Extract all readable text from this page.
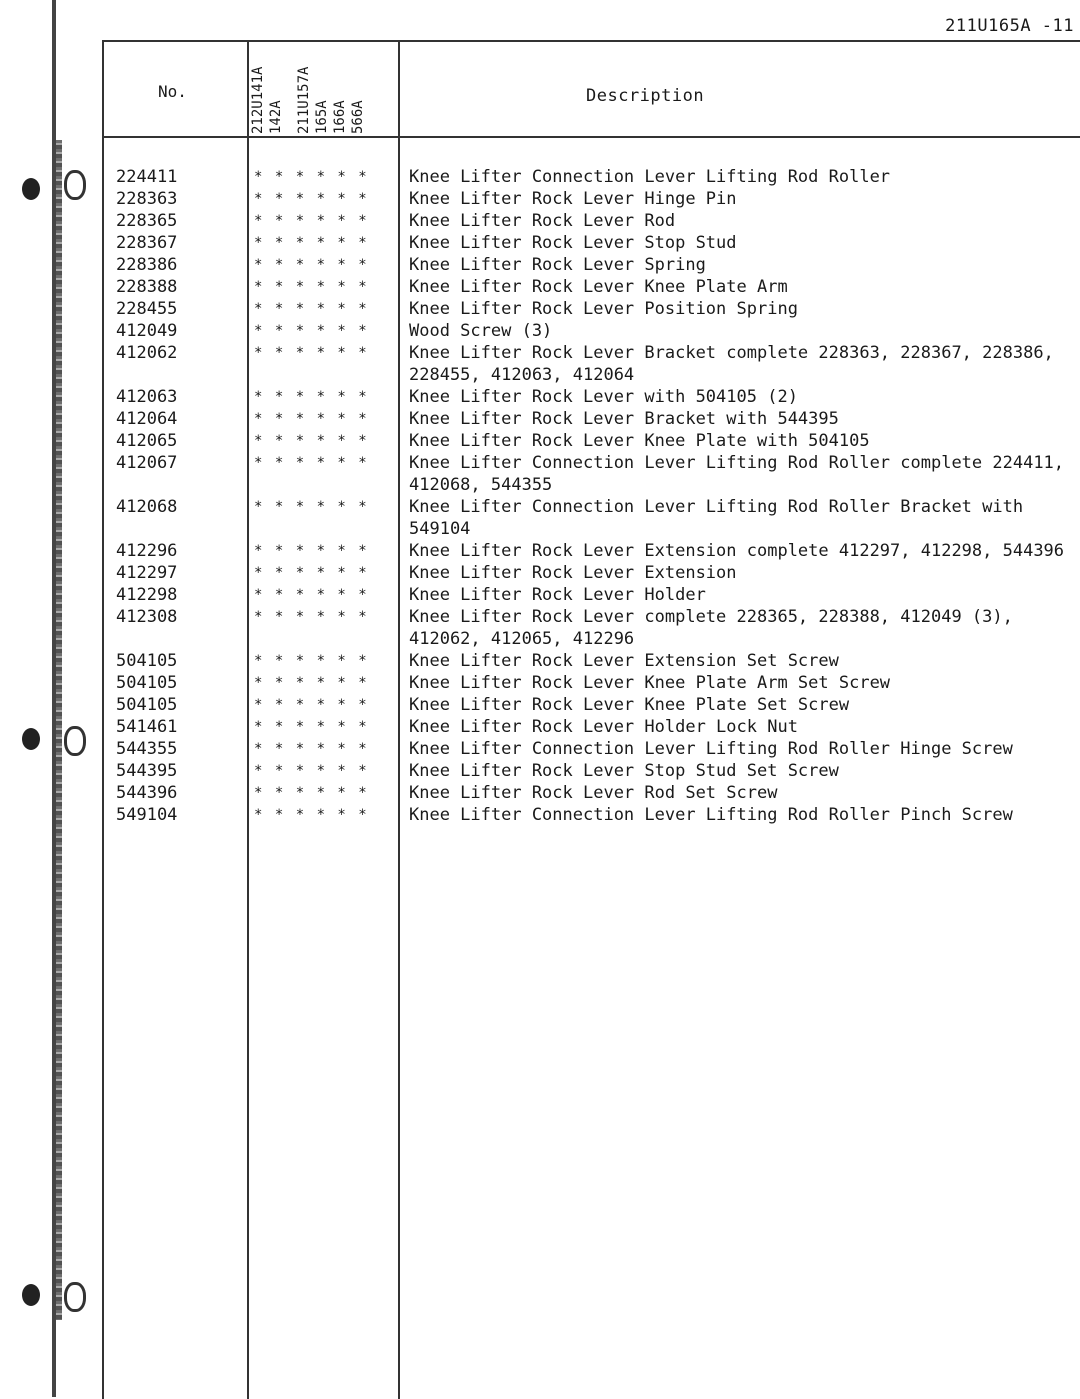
211U165A -11
No.	212U141A 142A 211U157A 165A 166A 566A
Description
224411	* * * * * * Knee Lifter Connection Lever Lifting Rod Roller
228363	* * * * * * Knee Lifter Rock Lever Hinge Pin
228365	* * * * * * Knee Lifter Rock Lever Rod
228367	* * * * * * Knee Lifter Rock Lever Stop Stud
228386	* * * * * * Knee Lifter Rock Lever Spring
228388	* * * * * * Knee Lifter Rock Lever Knee Plate Arm
228455	* * * * * * Knee Lifter Rock Lever Position Spring
412049	* * * * * * Wood Screw (3)
412062	* * * * * * Knee Lifter Rock Lever Bracket complete 228363, 228367, 228386, 228455, 412063, 412064
412063	* * * * * * Knee Lifter Rock Lever with 504105 (2)
412064	* * * * * * Knee Lifter Rock Lever Bracket with 544395
412065	* * * * * * Knee Lifter Rock Lever Knee Plate with 504105
412067	* * * * * * Knee Lifter Connection Lever Lifting Rod Roller complete 224411, 412068, 544355
412068	* * * * * * Knee Lifter Connection Lever Lifting Rod Roller Bracket with 549104
412296	* * * * * * Knee Lifter Rock Lever Extension complete 412297, 412298, 544396
412297	* * * * * * Knee Lifter Rock Lever Extension
412298	* * * * * * Knee Lifter Rock Lever Holder
412308	* * * * * * Knee Lifter Rock Lever complete 228365, 228388, 412049 (3), 412062, 412065, 412296
504105	* * * * * * Knee Lifter Rock Lever Extension Set Screw
504105	* * * * * * Knee Lifter Rock Lever Knee Plate Arm Set Screw
504105	* * * * * * Knee Lifter Rock Lever Knee Plate Set Screw
541461	* * * * * * Knee Lifter Rock Lever Holder Lock Nut
544355	* * * * * * Knee Lifter Connection Lever Lifting Rod Roller Hinge Screw
544395	* * * * * * Knee Lifter Rock Lever Stop Stud Set Screw
544396	* * * * * * Knee Lifter Rock Lever Rod Set Screw
549104	* * * * * * Knee Lifter Connection Lever Lifting Rod Roller Pinch Screw
